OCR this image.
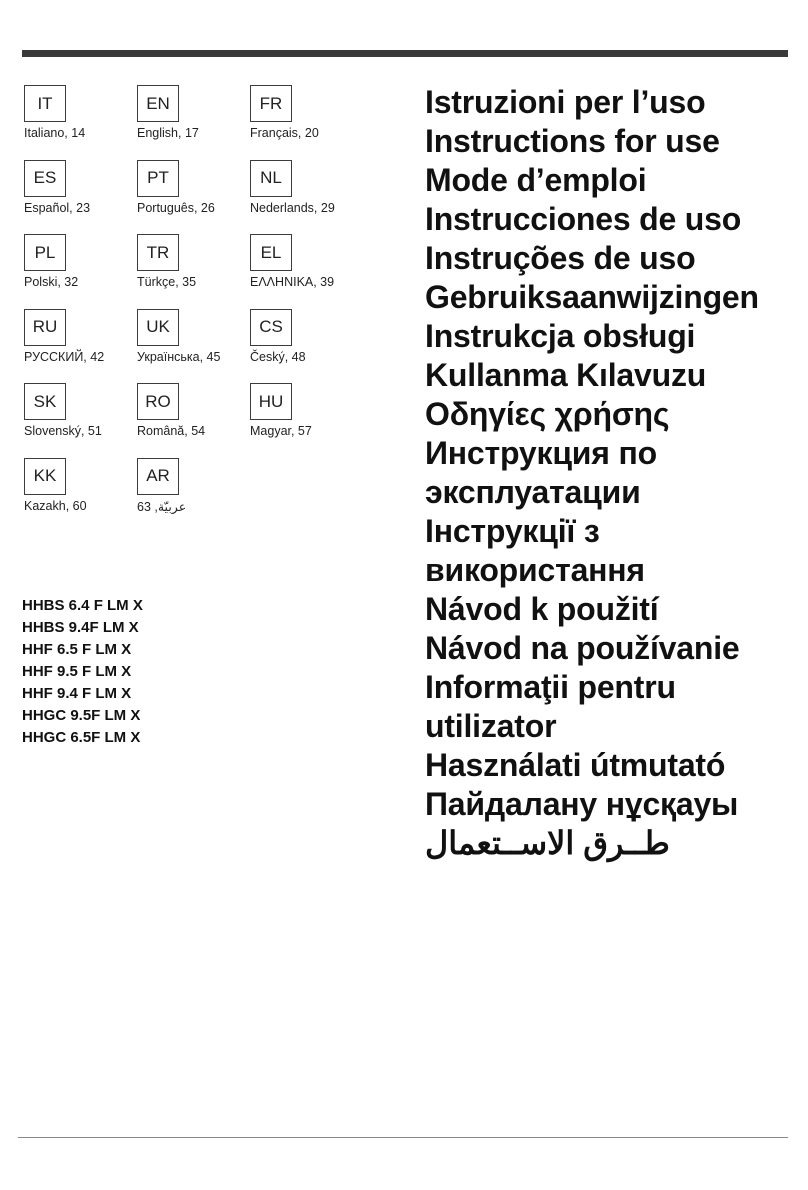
IT
Italiano, 14
EN
English, 17
FR
Français, 20
ES
Español, 23
PT
Português, 26
NL
Nederlands, 29
PL
Polski, 32
TR
Türkçe, 35
EL
ΕΛΛΗΝΙΚΑ, 39
RU
РУССКИЙ, 42
UK
Українська, 45
CS
Český, 48
SK
Slovenský, 51
RO
Română, 54
HU
Magyar, 57
KK
Kazakh, 60
AR
عربيّة, 63
HHBS 6.4 F LM X
HHBS 9.4F LM X
HHF 6.5 F LM X
HHF 9.5 F LM X
HHF 9.4 F LM X
HHGC 9.5F LM X
HHGC 6.5F LM X
Istruzioni per l’uso
Instructions for use
Mode d’emploi
Instrucciones de uso
Instruções de uso
Gebruiksaanwijzingen
Instrukcja obsługi
Kullanma Kılavuzu
Οδηγίες χρήσης
Инструкция по
эксплуатации
Інструкції з
використання
Návod k použití
Návod na používanie
Informaţii pentru
utilizator
Használati útmutató
Пайдалану нұсқауы
طــرق الاســتعمال
